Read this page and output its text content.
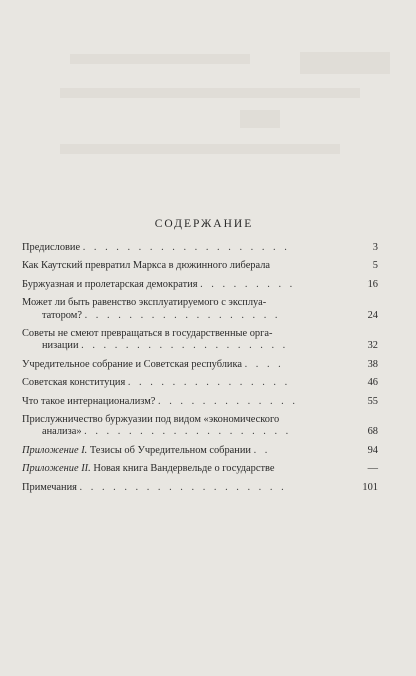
СОДЕРЖАНИЕ
Предисловие . . . . . . . . . . . . . . . . . . .	3
Как Каутский превратил Маркса в дюжинного либерала	5
Буржуазная и пролетарская демократия . . . . . . . . .	16
Может ли быть равенство эксплуатируемого с эксплуа-
татором? . . . . . . . . . . . . . . . . . .	24
Советы не смеют превращаться в государственные орга-
низации . . . . . . . . . . . . . . . . . . .	32
Учредительное собрание и Советская республика . . . .	38
Советская конституция . . . . . . . . . . . . . . .	46
Что такое интернационализм? . . . . . . . . . . . . .	55
Прислужничество буржуазии под видом «экономического
анализа» . . . . . . . . . . . . . . . . . . .	68
Приложение I. Тезисы об Учредительном собрании . .	94
Приложение II. Новая книга Вандервельде о государстве	—
Примечания . . . . . . . . . . . . . . . . . . .	101
